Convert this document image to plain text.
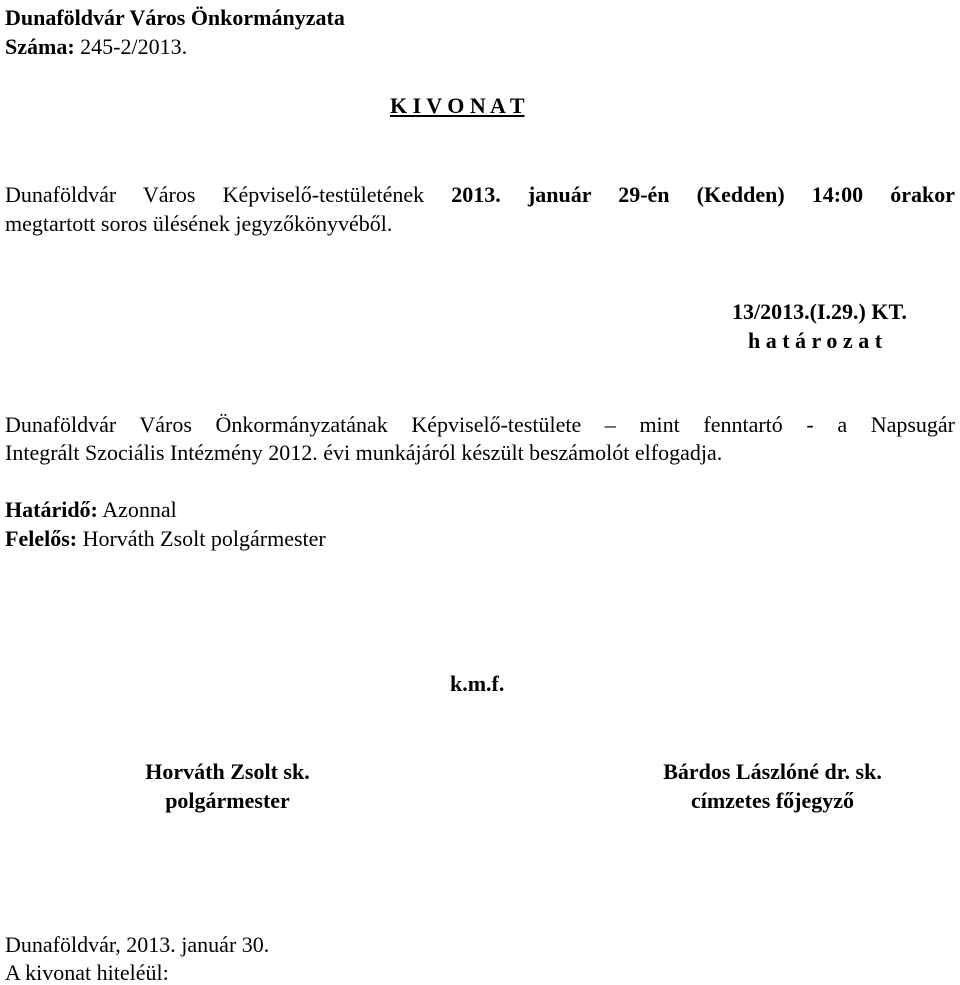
Dunaföldvár Város Önkormányzata
Száma: 245-2/2013.
K I V O N A T
Dunaföldvár Város Képviselő-testületének 2013. január 29-én (Kedden) 14:00 órakor
megtartott soros ülésének jegyzőkönyvéből.
13/2013.(I.29.) KT.
h a t á r o z a t
Dunaföldvár Város Önkormányzatának Képviselő-testülete – mint fenntartó - a Napsugár
Integrált Szociális Intézmény 2012. évi munkájáról készült beszámolót elfogadja.
Határidő: Azonnal
Felelős: Horváth Zsolt polgármester
k.m.f.
Horváth Zsolt sk.
polgármester
Bárdos Lászlóné dr. sk.
címzetes főjegyző
Dunaföldvár, 2013. január 30.
A kivonat hiteléül:
